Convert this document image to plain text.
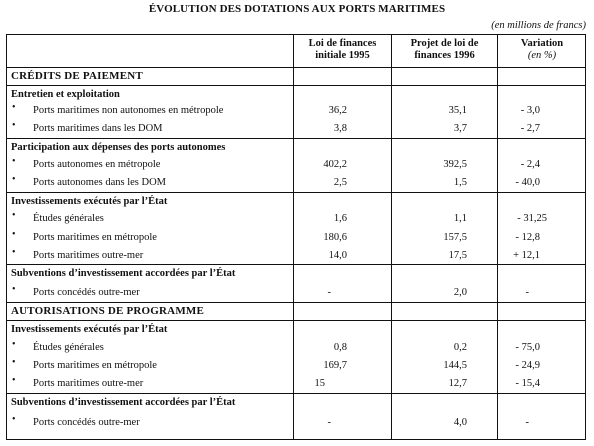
ÉVOLUTION DES DOTATIONS AUX PORTS MARITIMES
(en millions de francs)
Loi de finances
initiale 1995
Projet de loi de
finances 1996
Variation
(en %)
CRÉDITS DE PAIEMENT
Entretien et exploitation
• Ports maritimes non autonomes en métropole	36,2	35,1	- 3,0
• Ports maritimes dans les DOM	3,8	3,7	- 2,7
Participation aux dépenses des ports autonomes
• Ports autonomes en métropole	402,2	392,5	- 2,4
• Ports autonomes dans les DOM	2,5	1,5	- 40,0
Investissements exécutés par l’État
• Études générales	1,6	1,1	- 31,25
• Ports maritimes en métropole	180,6	157,5	- 12,8
• Ports maritimes outre-mer	14,0	17,5	+ 12,1
Subventions d’investissement accordées par l’État
• Ports concédés outre-mer	-	2,0	-
AUTORISATIONS DE PROGRAMME
Investissements exécutés par l’État
• Études générales	0,8	0,2	- 75,0
• Ports maritimes en métropole	169,7	144,5	- 24,9
• Ports maritimes outre-mer	15	12,7	- 15,4
Subventions d’investissement accordées par l’État
• Ports concédés outre-mer	-	4,0	-
